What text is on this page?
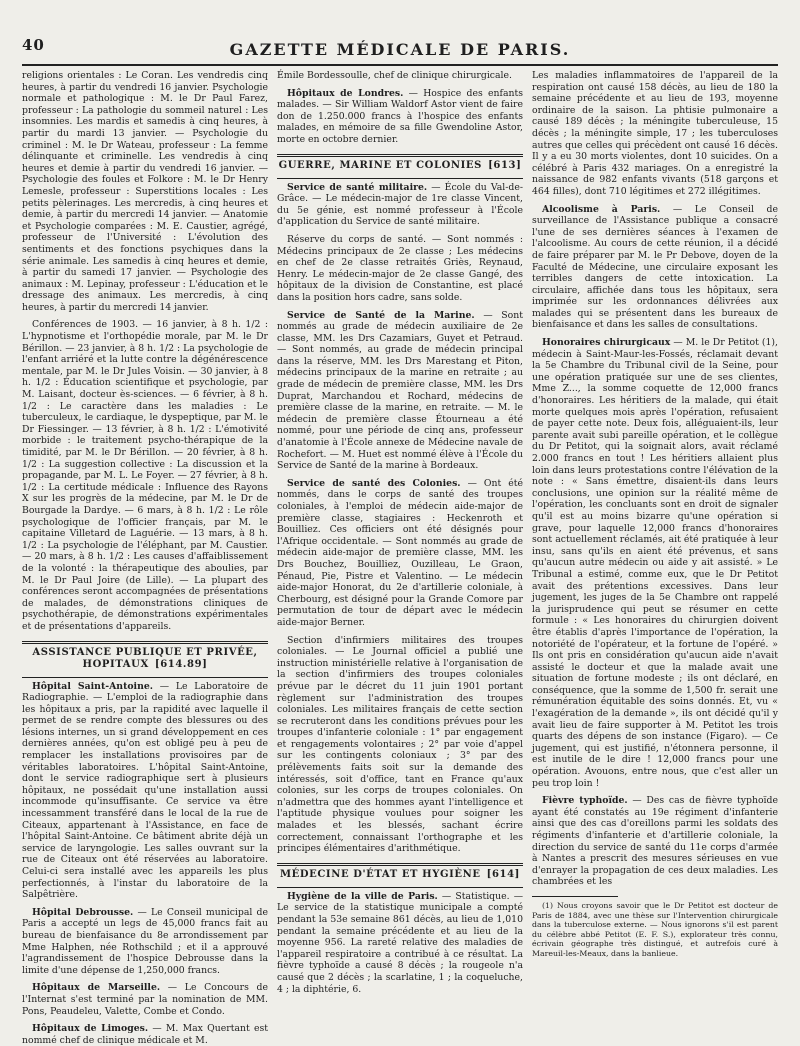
40	GAZETTE MÉDICALE DE PARIS.

religions orientales : Le Coran. Les vendredis cinq heures, à partir du vendredi 16 janvier. Psychologie normale et pathologique : M. le Dr Paul Farez, professeur : La pathologie du sommeil naturel : Les insomnies. Les mardis et samedis à cinq heures, à partir du mardi 13 janvier. — Psychologie du criminel : M. le Dr Wateau, professeur : La femme délinquante et criminelle. Les vendredis à cinq heures et demie à partir du vendredi 16 janvier. — Psychologie des foules et Folkore : M. le Dr Henry Lemesle, professeur : Superstitions locales : Les petits pèlerinages. Les mercredis, à cinq heures et demie, à partir du mercredi 14 janvier. — Anatomie et Psychologie comparées : M. E. Caustier, agrégé, professeur de l'Université : L'évolution des sentiments et des fonctions psychiques dans la série animale. Les samedis à cinq heures et demie, à partir du samedi 17 janvier. — Psychologie des animaux : M. Lepinay, professeur : L'éducation et le dressage des animaux. Les mercredis, à cinq heures, à partir du mercredi 14 janvier.

Conférences de 1903. — 16 janvier, à 8 h. 1/2 : L'hypnotisme et l'orthopédie morale, par M. le Dr Bérillon. — 23 janvier, à 8 h. 1/2 : La psychologie de l'enfant arriéré et la lutte contre la dégénérescence mentale, par M. le Dr Jules Voisin. — 30 janvier, à 8 h. 1/2 : Éducation scientifique et psychologie, par M. Laisant, docteur ès-sciences. — 6 février, à 8 h. 1/2 : Le caractère dans les maladies : Le tuberculeux, le cardiaque, le dyspeptique, par M. le Dr Fiessinger. — 13 février, à 8 h. 1/2 : L'émotivité morbide : le traitement psycho-thérapique de la timidité, par M. le Dr Bérillon. — 20 février, à 8 h. 1/2 : La suggestion collective : La discussion et la propagande, par M. L. Le Foyer. — 27 février, à 8 h. 1/2 : La certitude médicale : Influence des Rayons X sur les progrès de la médecine, par M. le Dr de Bourgade la Dardye. — 6 mars, à 8 h. 1/2 : Le rôle psychologique de l'officier français, par M. le capitaine Villetard de Laguérie. — 13 mars, à 8 h. 1/2 : La psychologie de l'éléphant, par M. Caustier. — 20 mars, à 8 h. 1/2 : Les causes d'affaiblissement de la volonté : la thérapeutique des aboulies, par M. le Dr Paul Joire (de Lille). — La plupart des conférences seront accompagnées de présentations de malades, de démonstrations cliniques de psychothérapie, de démonstrations expérimentales et de présentations d'appareils.

ASSISTANCE PUBLIQUE ET PRIVÉE,
HOPITAUX [614.89]

Hôpital Saint-Antoine. — Le Laboratoire de Radiographie. — L'emploi de la radiographie dans les hôpitaux a pris, par la rapidité avec laquelle il permet de se rendre compte des blessures ou des lésions internes, un si grand développement en ces dernières années, qu'on est obligé peu à peu de remplacer les installations provisoires par de véritables laboratoires. L'hôpital Saint-Antoine, dont le service radiographique sert à plusieurs hôpitaux, ne possédait qu'une installation aussi incommode qu'insuffisante. Ce service va être incessamment transféré dans le local de la rue de Citeaux, appartenant à l'Assistance, en face de l'hôpital Saint-Antoine. Ce bâtiment abrite déjà un service de laryngologie. Les salles ouvrant sur la rue de Citeaux ont été réservées au laboratoire. Celui-ci sera installé avec les appareils les plus perfectionnés, à l'instar du laboratoire de la Salpêtrière.

Hôpital Debrousse. — Le Conseil municipal de Paris a accepté un legs de 45,000 francs fait au bureau de bienfaisance du 8e arrondissement par Mme Halphen, née Rothschild ; et il a approuvé l'agrandissement de l'hospice Debrousse dans la limite d'une dépense de 1,250,000 francs.

Hôpitaux de Marseille. — Le Concours de l'Internat s'est terminé par la nomination de MM. Pons, Peaudeleu, Valette, Combe et Condo.

Hôpitaux de Limoges. — M. Max Quertant est nommé chef de clinique médicale et M.

Émile Bordessoulle, chef de clinique chirurgicale.

Hôpitaux de Londres. — Hospice des enfants malades. — Sir William Waldorf Astor vient de faire don de 1.250.000 francs à l'hospice des enfants malades, en mémoire de sa fille Gwendoline Astor, morte en octobre dernier.

GUERRE, MARINE ET COLONIES [613]

Service de santé militaire. — École du Val-de-Grâce. — Le médecin-major de 1re classe Vincent, du 5e génie, est nommé professeur à l'École d'application du Service de santé militaire.

Réserve du corps de santé. — Sont nommés : Médecins principaux de 2e classe ; Les médecins en chef de 2e classe retraités Griès, Reynaud, Henry. Le médecin-major de 2e classe Gangé, des hôpitaux de la division de Constantine, est placé dans la position hors cadre, sans solde.

Service de Santé de la Marine. — Sont nommés au grade de médecin auxiliaire de 2e classe, MM. les Drs Cazamiars, Guyet et Petraud. — Sont nommés, au grade de médecin principal dans la réserve, MM. les Drs Marestang et Piton, médecins principaux de la marine en retraite ; au grade de médecin de première classe, MM. les Drs Duprat, Marchandou et Rochard, médecins de première classe de la marine, en retraite. — M. le médecin de première classe Étourneau a été nommé, pour une période de cinq ans, professeur d'anatomie à l'École annexe de Médecine navale de Rochefort. — M. Huet est nommé élève à l'École du Service de Santé de la marine à Bordeaux.

Service de santé des Colonies. — Ont été nommés, dans le corps de santé des troupes coloniales, à l'emploi de médecin aide-major de première classe, stagiaires : Heckenroth et Bouilliez. Ces officiers ont été désignés pour l'Afrique occidentale. — Sont nommés au grade de médecin aide-major de première classe, MM. les Drs Bouchez, Bouilliez, Ouzilleau, Le Graon, Pénaud, Pie, Pistre et Valentino. — Le médecin aide-major Honorat, du 2e d'artillerie coloniale, à Cherbourg, est désigné pour la Grande Comore par permutation de tour de départ avec le médecin aide-major Berner.

Section d'infirmiers militaires des troupes coloniales. — Le Journal officiel a publié une instruction ministérielle relative à l'organisation de la section d'infirmiers des troupes coloniales prévue par le décret du 11 juin 1901 portant règlement sur l'administration des troupes coloniales. Les militaires français de cette section se recruteront dans les conditions prévues pour les troupes d'infanterie coloniale : 1° par engagement et rengagements volontaires ; 2° par voie d'appel sur les contingents coloniaux ; 3° par des prélèvements faits soit sur la demande des intéressés, soit d'office, tant en France qu'aux colonies, sur les corps de troupes coloniales. On n'admettra que des hommes ayant l'intelligence et l'aptitude physique voulues pour soigner les malades et les blessés, sachant écrire correctement, connaissant l'orthographe et les principes élémentaires d'arithmétique.

MÉDECINE D'ÉTAT ET HYGIÈNE [614]

Hygiène de la ville de Paris. — Statistique. — Le service de la statistique municipale a compté pendant la 53e semaine 861 décès, au lieu de 1,010 pendant la semaine précédente et au lieu de la moyenne 956. La rareté relative des maladies de l'appareil respiratoire a contribué à ce résultat. La fièvre typhoïde a causé 8 décès ; la rougeole n'a causé que 2 décès ; la scarlatine, 1 ; la coqueluche, 4 ; la diphtérie, 6.

Les maladies inflammatoires de l'appareil de la respiration ont causé 158 décès, au lieu de 180 la semaine précédente et au lieu de 193, moyenne ordinaire de la saison. La phtisie pulmonaire a causé 189 décès ; la méningite tuberculeuse, 15 décès ; la méningite simple, 17 ; les tuberculoses autres que celles qui précèdent ont causé 16 décès. Il y a eu 30 morts violentes, dont 10 suicides. On a célébré à Paris 432 mariages. On a enregistré la naissance de 982 enfants vivants (518 garçons et 464 filles), dont 710 légitimes et 272 illégitimes.

Alcoolisme à Paris. — Le Conseil de surveillance de l'Assistance publique a consacré l'une de ses dernières séances à l'examen de l'alcoolisme. Au cours de cette réunion, il a décidé de faire préparer par M. le Pr Debove, doyen de la Faculté de Médecine, une circulaire exposant les terribles dangers de cette intoxication. La circulaire, affichée dans tous les hôpitaux, sera imprimée sur les ordonnances délivrées aux malades qui se présentent dans les bureaux de bienfaisance et dans les salles de consultations.

Honoraires chirurgicaux — M. le Dr Petitot (1), médecin à Saint-Maur-les-Fossés, réclamait devant la 5e Chambre du Tribunal civil de la Seine, pour une opération pratiquée sur une de ses clientes, Mme Z..., la somme coquette de 12,000 francs d'honoraires. Les héritiers de la malade, qui était morte quelques mois après l'opération, refusaient de payer cette note. Deux fois, alléguaient-ils, leur parente avait subi pareille opération, et le collègue du Dr Petitot, qui la soignait alors, avait réclamé 2.000 francs en tout ! Les héritiers allaient plus loin dans leurs protestations contre l'élévation de la note : « Sans émettre, disaient-ils dans leurs conclusions, une opinion sur la réalité même de l'opération, les concluants sont en droit de signaler qu'il est au moins bizarre qu'une opération si grave, pour laquelle 12,000 francs d'honoraires sont actuellement réclamés, ait été pratiquée à leur insu, sans qu'ils en aient été prévenus, et sans qu'aucun autre médecin ou aide y ait assisté. » Le Tribunal a estimé, comme eux, que le Dr Petitot avait des prétentions excessives. Dans leur jugement, les juges de la 5e Chambre ont rappelé la jurisprudence qui peut se résumer en cette formule : « Les honoraires du chirurgien doivent être établis d'après l'importance de l'opération, la notoriété de l'opérateur, et la fortune de l'opéré. » Ils ont pris en considération qu'aucun aide n'avait assisté le docteur et que la malade avait une situation de fortune modeste ; ils ont déclaré, en conséquence, que la somme de 1,500 fr. serait une rémunération équitable des soins donnés. Et, vu « l'exagération de la demande », ils ont décidé qu'il y avait lieu de faire supporter à M. Petitot les trois quarts des dépens de son instance (Figaro). — Ce jugement, qui est justifié, n'étonnera personne, il est inutile de le dire ! 12,000 francs pour une opération. Avouons, entre nous, que c'est aller un peu trop loin !

Fièvre typhoïde. — Des cas de fièvre typhoïde ayant été constatés au 19e régiment d'infanterie ainsi que des cas d'oreillons parmi les soldats des régiments d'infanterie et d'artillerie coloniale, la direction du service de santé du 11e corps d'armée à Nantes a prescrit des mesures sérieuses en vue d'enrayer la propagation de ces deux maladies. Les chambrées et les

(1) Nous croyons savoir que le Dr Petitot est docteur de Paris de 1884, avec une thèse sur l'Intervention chirurgicale dans la tuberculose externe. — Nous ignorons s'il est parent du célèbre abbé Petitot (E. F. S.), explorateur très connu, écrivain géographe très distingué, et autrefois curé à Mareuil-les-Meaux, dans la banlieue.
